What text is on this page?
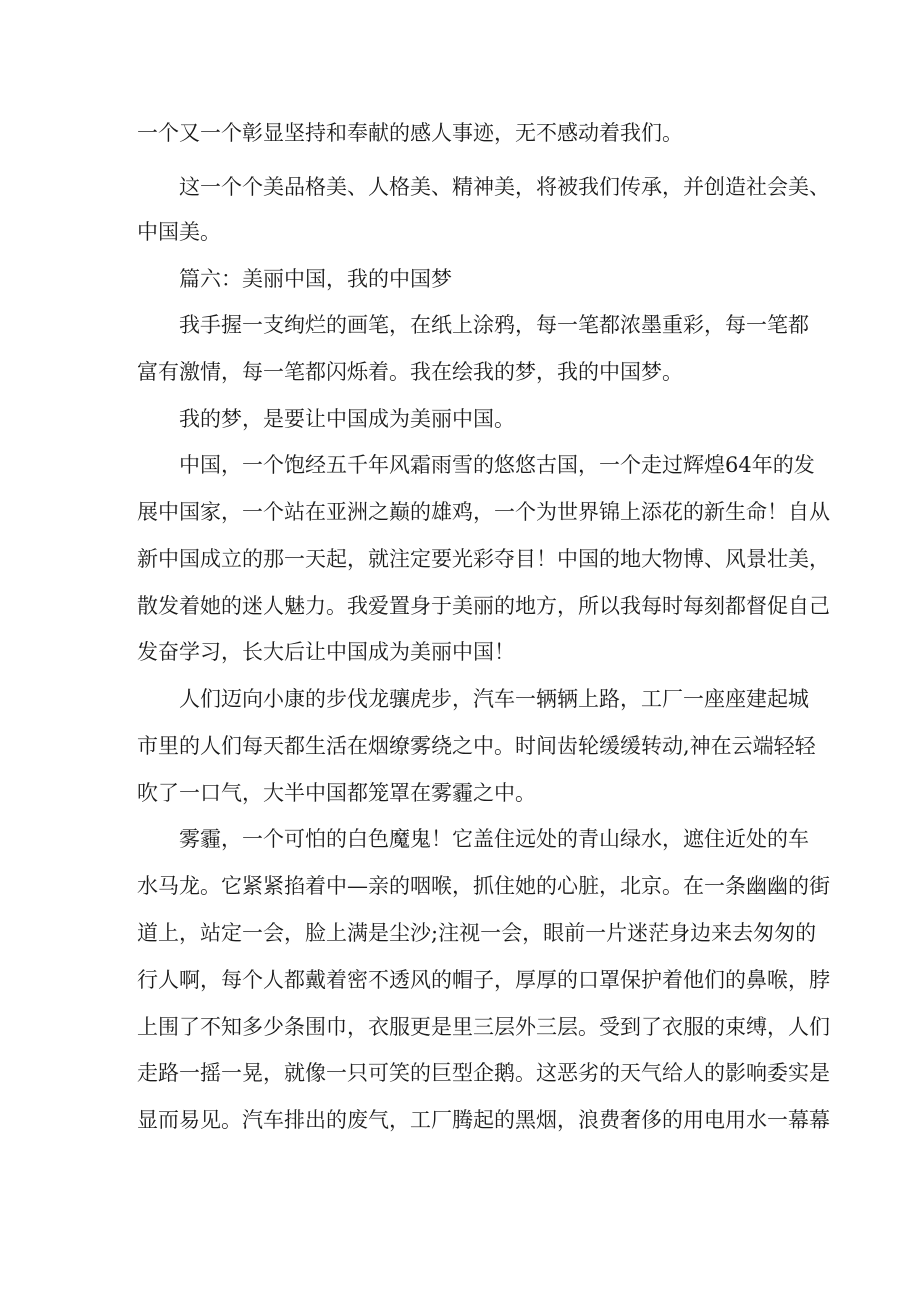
一个又一个彰显坚持和奉献的感人事迹，无不感动着我们。
这一个个美品格美、人格美、精神美，将被我们传承，并创造社会美、
中国美。
篇六：美丽中国，我的中国梦
我手握一支绚烂的画笔，在纸上涂鸦，每一笔都浓墨重彩，每一笔都
富有激情，每一笔都闪烁着。我在绘我的梦，我的中国梦。
我的梦，是要让中国成为美丽中国。
中国，一个饱经五千年风霜雨雪的悠悠古国，一个走过辉煌64年的发
展中国家，一个站在亚洲之巅的雄鸡，一个为世界锦上添花的新生命！自从
新中国成立的那一天起，就注定要光彩夺目！中国的地大物博、风景壮美，
散发着她的迷人魅力。我爱置身于美丽的地方，所以我每时每刻都督促自己
发奋学习，长大后让中国成为美丽中国！
人们迈向小康的步伐龙骧虎步，汽车一辆辆上路，工厂一座座建起城
市里的人们每天都生活在烟缭雾绕之中。时间齿轮缓缓转动,神在云端轻轻
吹了一口气，大半中国都笼罩在雾霾之中。
雾霾，一个可怕的白色魔鬼！它盖住远处的青山绿水，遮住近处的车
水马龙。它紧紧掐着中—亲的咽喉，抓住她的心脏，北京。在一条幽幽的街
道上，站定一会，脸上满是尘沙;注视一会，眼前一片迷茫身边来去匆匆的
行人啊，每个人都戴着密不透风的帽子，厚厚的口罩保护着他们的鼻喉，脖
上围了不知多少条围巾，衣服更是里三层外三层。受到了衣服的束缚，人们
走路一摇一晃，就像一只可笑的巨型企鹅。这恶劣的天气给人的影响委实是
显而易见。汽车排出的废气，工厂腾起的黑烟，浪费奢侈的用电用水一幕幕
